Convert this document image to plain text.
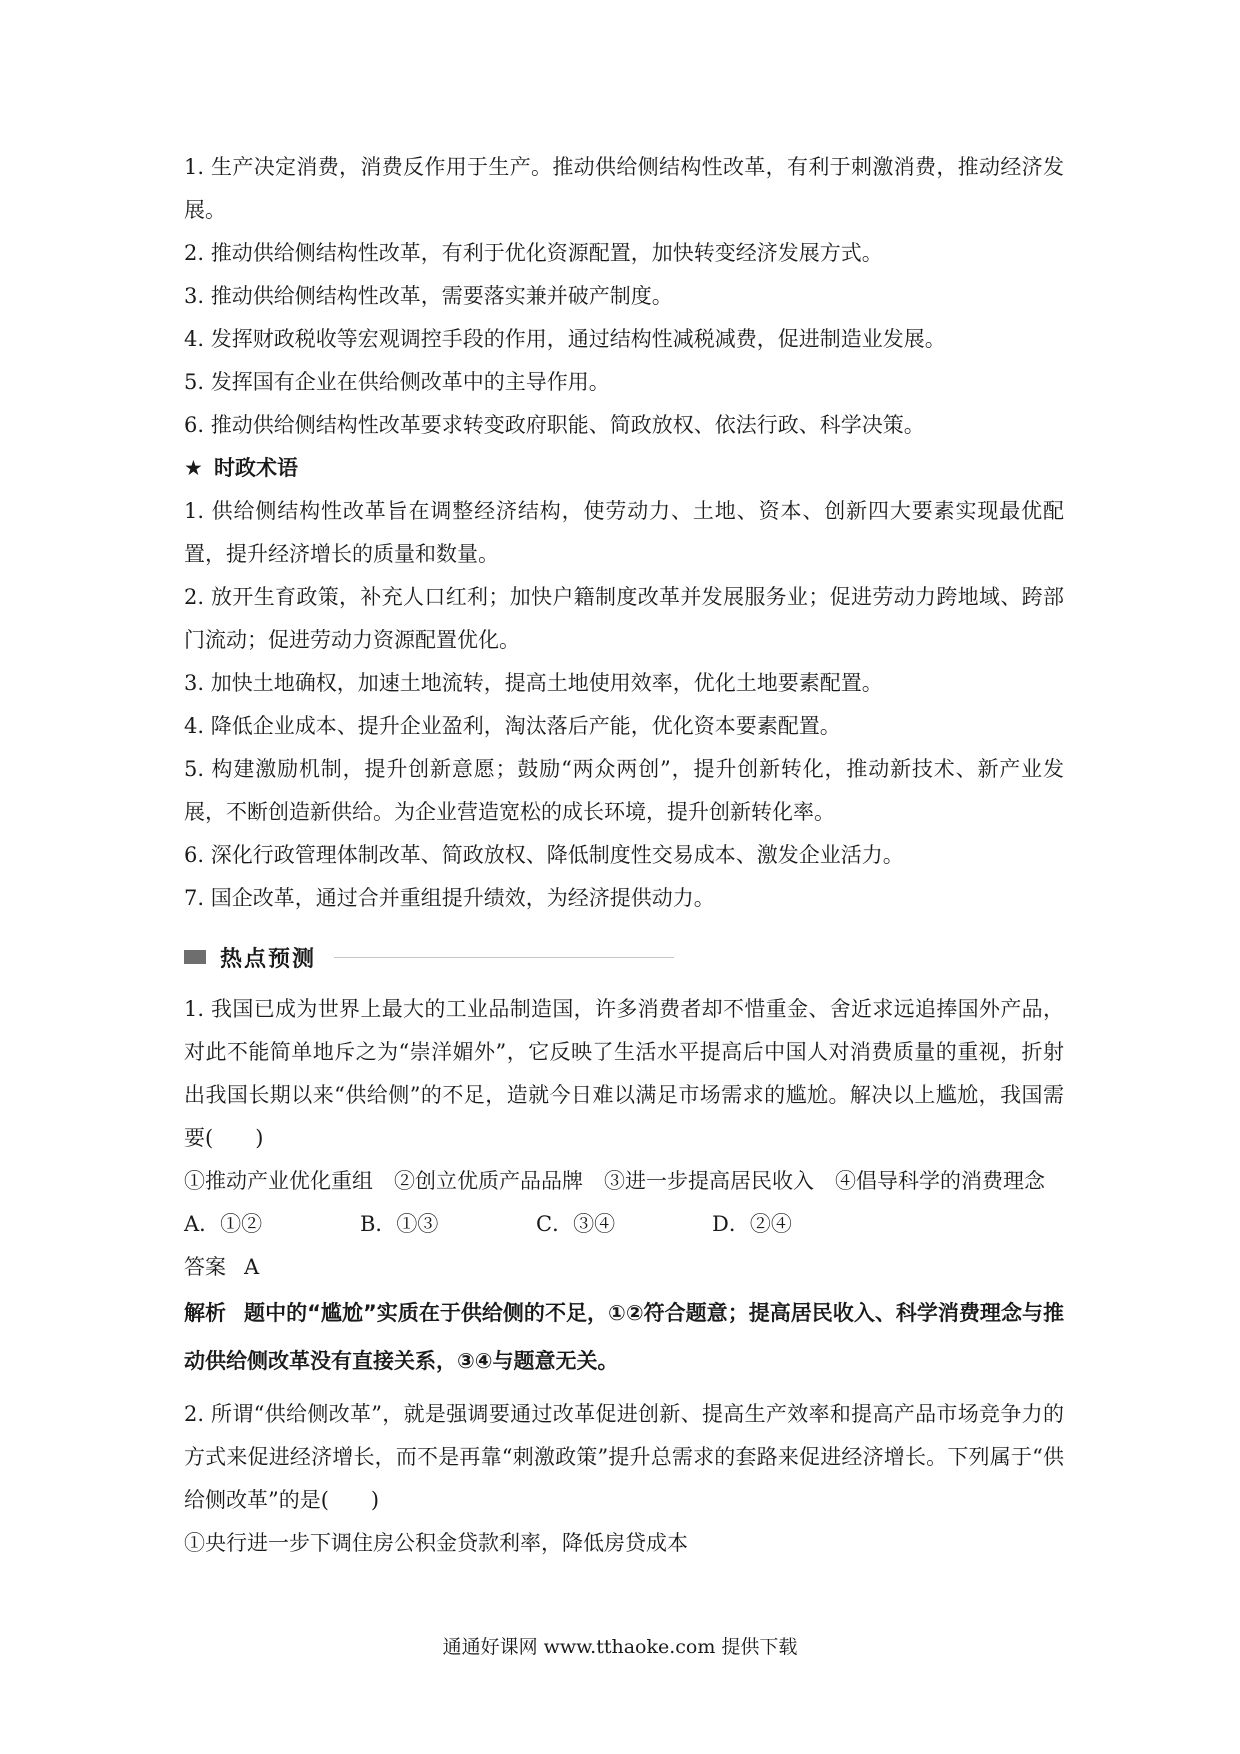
1. 生产决定消费，消费反作用于生产。推动供给侧结构性改革，有利于刺激消费，推动经济发展。

2. 推动供给侧结构性改革，有利于优化资源配置，加快转变经济发展方式。

3. 推动供给侧结构性改革，需要落实兼并破产制度。

4. 发挥财政税收等宏观调控手段的作用，通过结构性减税减费，促进制造业发展。

5. 发挥国有企业在供给侧改革中的主导作用。

6. 推动供给侧结构性改革要求转变政府职能、简政放权、依法行政、科学决策。

★ 时政术语

1. 供给侧结构性改革旨在调整经济结构，使劳动力、土地、资本、创新四大要素实现最优配置，提升经济增长的质量和数量。

2. 放开生育政策，补充人口红利；加快户籍制度改革并发展服务业；促进劳动力跨地域、跨部门流动；促进劳动力资源配置优化。

3. 加快土地确权，加速土地流转，提高土地使用效率，优化土地要素配置。

4. 降低企业成本、提升企业盈利，淘汰落后产能，优化资本要素配置。

5. 构建激励机制，提升创新意愿；鼓励“两众两创”，提升创新转化，推动新技术、新产业发展，不断创造新供给。为企业营造宽松的成长环境，提升创新转化率。

6. 深化行政管理体制改革、简政放权、降低制度性交易成本、激发企业活力。

7. 国企改革，通过合并重组提升绩效，为经济提供动力。

热点预测

1. 我国已成为世界上最大的工业品制造国，许多消费者却不惜重金、舍近求远追捧国外产品，对此不能简单地斥之为“崇洋媚外”，它反映了生活水平提高后中国人对消费质量的重视，折射出我国长期以来“供给侧”的不足，造就今日难以满足市场需求的尴尬。解决以上尴尬，我国需要(　　)

①推动产业优化重组　②创立优质产品品牌　③进一步提高居民收入　④倡导科学的消费理念

A．①②	B．①③	C．③④	D．②④

答案 A

解析 题中的“尴尬”实质在于供给侧的不足，①②符合题意；提高居民收入、科学消费理念与推动供给侧改革没有直接关系，③④与题意无关。

2. 所谓“供给侧改革”，就是强调要通过改革促进创新、提高生产效率和提高产品市场竞争力的方式来促进经济增长，而不是再靠“刺激政策”提升总需求的套路来促进经济增长。下列属于“供给侧改革”的是(　　)

①央行进一步下调住房公积金贷款利率，降低房贷成本

通通好课网 www.tthaoke.com 提供下载
